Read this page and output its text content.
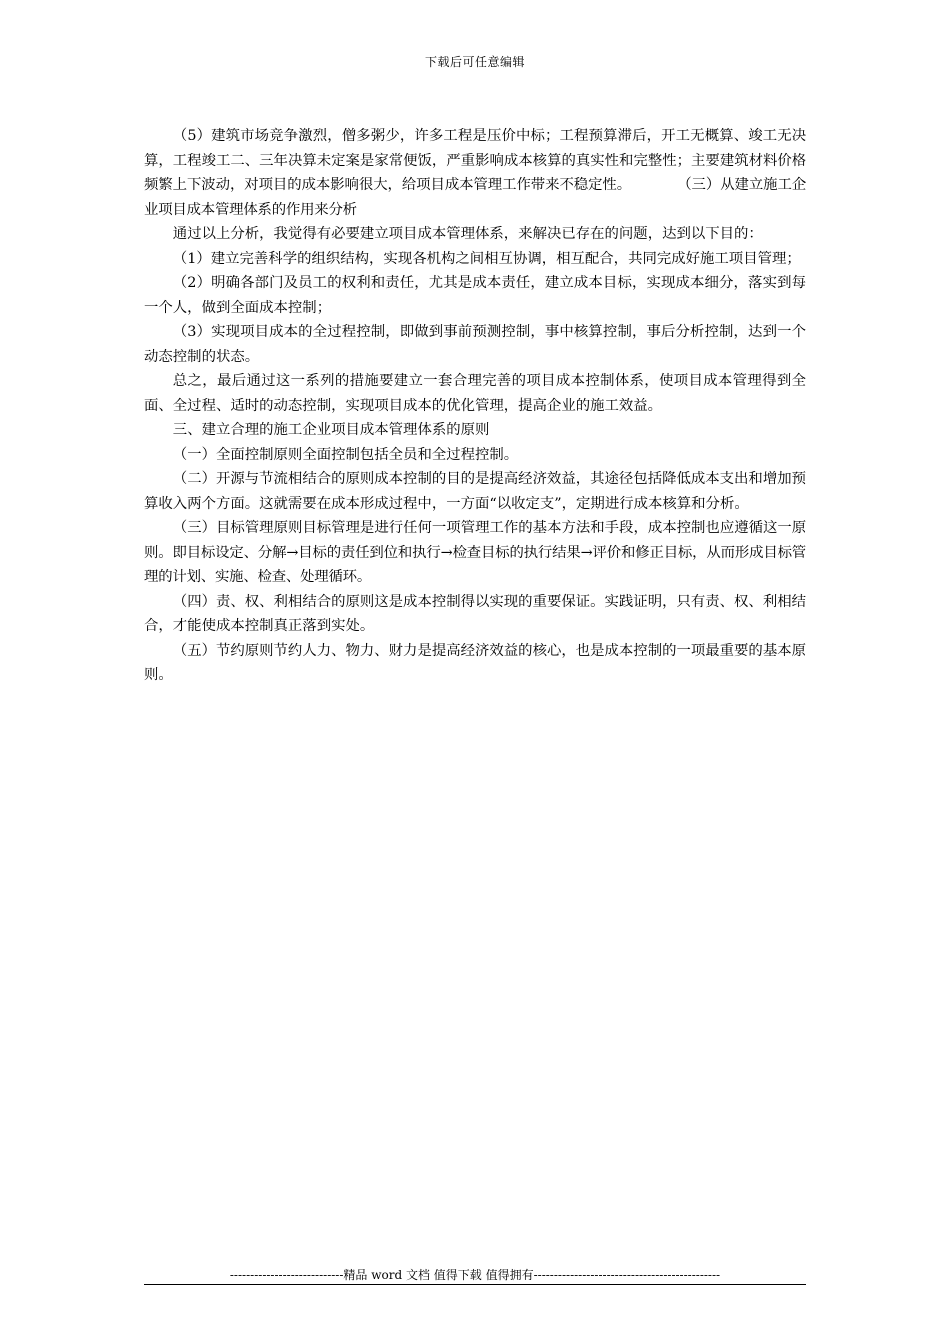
下载后可任意编辑

（5）建筑市场竞争激烈，僧多粥少，许多工程是压价中标；工程预算滞后，开工无概算、竣工无决算，工程竣工二、三年决算未定案是家常便饭，严重影响成本核算的真实性和完整性；主要建筑材料价格频繁上下波动，对项目的成本影响很大，给项目成本管理工作带来不稳定性。	（三）从建立施工企业项目成本管理体系的作用来分析

通过以上分析，我觉得有必要建立项目成本管理体系，来解决已存在的问题，达到以下目的：

（1）建立完善科学的组织结构，实现各机构之间相互协调，相互配合，共同完成好施工项目管理；

（2）明确各部门及员工的权利和责任，尤其是成本责任，建立成本目标，实现成本细分，落实到每一个人，做到全面成本控制；

（3）实现项目成本的全过程控制，即做到事前预测控制，事中核算控制，事后分析控制，达到一个动态控制的状态。

总之，最后通过这一系列的措施要建立一套合理完善的项目成本控制体系，使项目成本管理得到全面、全过程、适时的动态控制，实现项目成本的优化管理，提高企业的施工效益。

三、建立合理的施工企业项目成本管理体系的原则

（一）全面控制原则全面控制包括全员和全过程控制。

（二）开源与节流相结合的原则成本控制的目的是提高经济效益，其途径包括降低成本支出和增加预算收入两个方面。这就需要在成本形成过程中，一方面“以收定支”，定期进行成本核算和分析。

（三）目标管理原则目标管理是进行任何一项管理工作的基本方法和手段，成本控制也应遵循这一原则。即目标设定、分解→目标的责任到位和执行→检查目标的执行结果→评价和修正目标，从而形成目标管理的计划、实施、检查、处理循环。

（四）责、权、利相结合的原则这是成本控制得以实现的重要保证。实践证明，只有责、权、利相结合，才能使成本控制真正落到实处。

（五）节约原则节约人力、物力、财力是提高经济效益的核心，也是成本控制的一项最重要的基本原则。

----------------------------精品 word 文档 值得下载 值得拥有----------------------------------------------
